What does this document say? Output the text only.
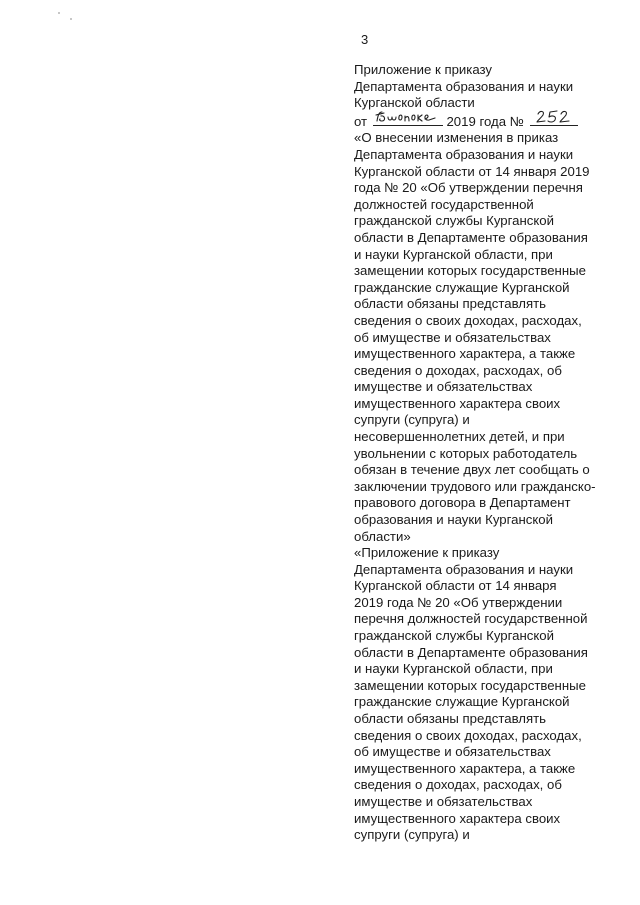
3
Приложение к приказу
Департамента образования и науки
Курганской области
от	2019 года №
«О внесении изменения в приказ
Департамента образования и науки
Курганской области от 14 января 2019
года № 20 «Об утверждении перечня
должностей государственной
гражданской службы Курганской
области в Департаменте образования
и науки Курганской области, при
замещении которых государственные
гражданские служащие Курганской
области обязаны представлять
сведения о своих доходах, расходах,
об имуществе и обязательствах
имущественного характера, а также
сведения о доходах, расходах, об
имуществе и обязательствах
имущественного характера своих
супруги (супруга) и
несовершеннолетних детей, и при
увольнении с которых работодатель
обязан в течение двух лет сообщать о
заключении трудового или гражданско-
правового договора в Департамент
образования и науки Курганской
области»
«Приложение к приказу
Департамента образования и науки
Курганской области от 14 января
2019 года № 20 «Об утверждении
перечня должностей государственной
гражданской службы Курганской
области в Департаменте образования
и науки Курганской области, при
замещении которых государственные
гражданские служащие Курганской
области обязаны представлять
сведения о своих доходах, расходах,
об имуществе и обязательствах
имущественного характера, а также
сведения о доходах, расходах, об
имуществе и обязательствах
имущественного характера своих
супруги (супруга) и
